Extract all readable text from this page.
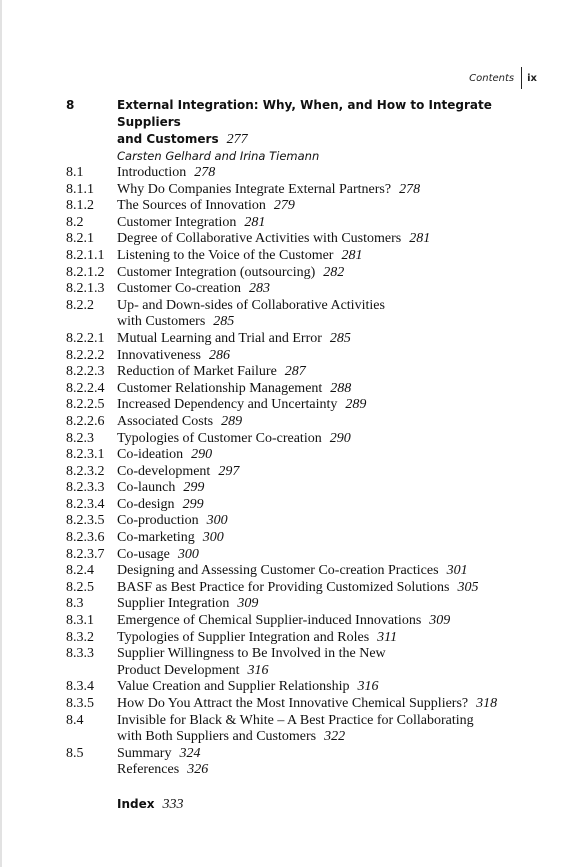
Contents ix
8	External Integration: Why, When, and How to Integrate Suppliers
and Customers 277
Carsten Gelhard and Irina Tiemann
8.1	Introduction 278
8.1.1	Why Do Companies Integrate External Partners? 278
8.1.2	The Sources of Innovation 279
8.2	Customer Integration 281
8.2.1	Degree of Collaborative Activities with Customers 281
8.2.1.1 Listening to the Voice of the Customer 281
8.2.1.2 Customer Integration (outsourcing) 282
8.2.1.3 Customer Co-creation 283
8.2.2	Up- and Down-sides of Collaborative Activities
with Customers 285
8.2.2.1 Mutual Learning and Trial and Error 285
8.2.2.2 Innovativeness 286
8.2.2.3 Reduction of Market Failure 287
8.2.2.4 Customer Relationship Management 288
8.2.2.5 Increased Dependency and Uncertainty 289
8.2.2.6 Associated Costs 289
8.2.3	Typologies of Customer Co-creation 290
8.2.3.1 Co-ideation 290
8.2.3.2 Co-development 297
8.2.3.3 Co-launch 299
8.2.3.4 Co-design 299
8.2.3.5 Co-production 300
8.2.3.6 Co-marketing 300
8.2.3.7 Co-usage 300
8.2.4	Designing and Assessing Customer Co-creation Practices 301
8.2.5	BASF as Best Practice for Providing Customized Solutions 305
8.3	Supplier Integration 309
8.3.1	Emergence of Chemical Supplier-induced Innovations 309
8.3.2	Typologies of Supplier Integration and Roles 311
8.3.3	Supplier Willingness to Be Involved in the New
Product Development 316
8.3.4	Value Creation and Supplier Relationship 316
8.3.5	How Do You Attract the Most Innovative Chemical Suppliers? 318
8.4	Invisible for Black & White – A Best Practice for Collaborating
with Both Suppliers and Customers 322
8.5	Summary 324
References 326
Index 333
